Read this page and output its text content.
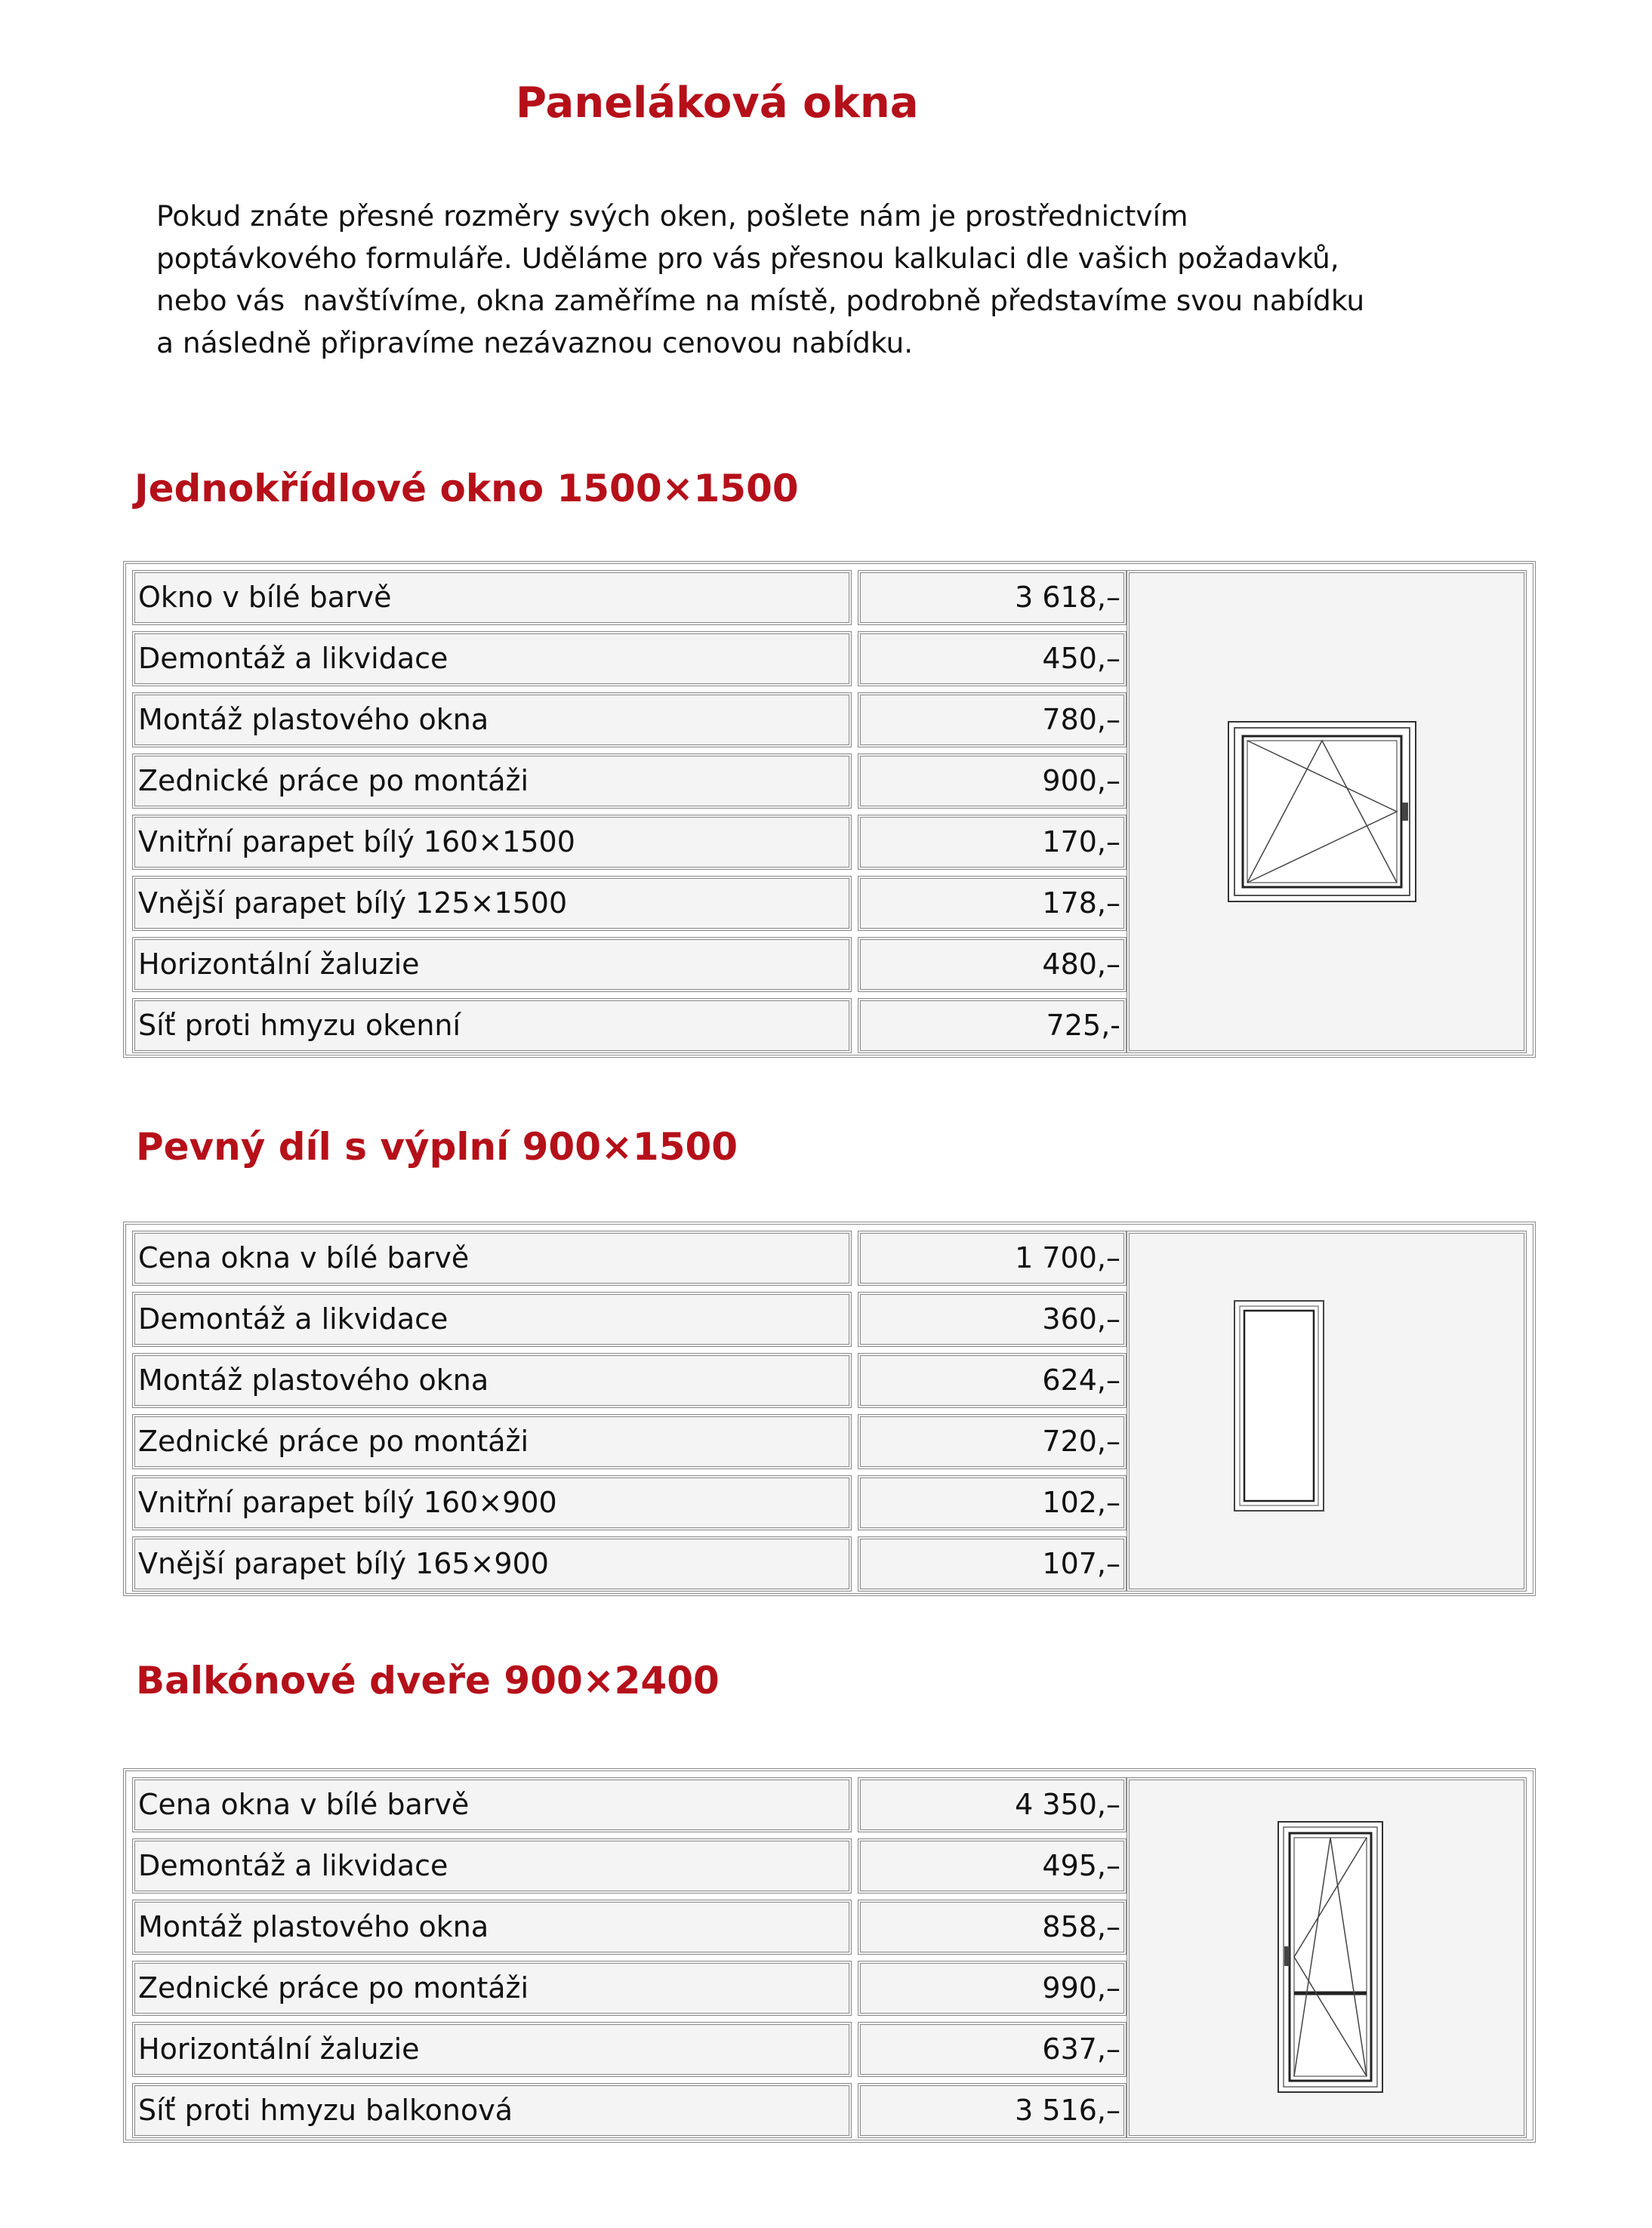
Paneláková okna
Pokud znáte přesné rozměry svých oken, pošlete nám je prostřednictvím
poptávkového formuláře. Uděláme pro vás přesnou kalkulaci dle vašich požadavků,
nebo vás  navštívíme, okna zaměříme na místě, podrobně představíme svou nabídku
a následně připravíme nezávaznou cenovou nabídku.
Jednokřídlové okno 1500×1500
Okno v bílé barvě	3 618,–
Demontáž a likvidace	450,–
Montáž plastového okna	780,–
Zednické práce po montáži	900,–
Vnitřní parapet bílý 160×1500	170,–
Vnější parapet bílý 125×1500	178,–
Horizontální žaluzie	480,–
Síť proti hmyzu okenní	725,-
Pevný díl s výplní 900×1500
Cena okna v bílé barvě	1 700,–
Demontáž a likvidace	360,–
Montáž plastového okna	624,–
Zednické práce po montáži	720,–
Vnitřní parapet bílý 160×900	102,–
Vnější parapet bílý 165×900	107,–
Balkónové dveře 900×2400
Cena okna v bílé barvě	4 350,–
Demontáž a likvidace	495,–
Montáž plastového okna	858,–
Zednické práce po montáži	990,–
Horizontální žaluzie	637,–
Síť proti hmyzu balkonová	3 516,–
